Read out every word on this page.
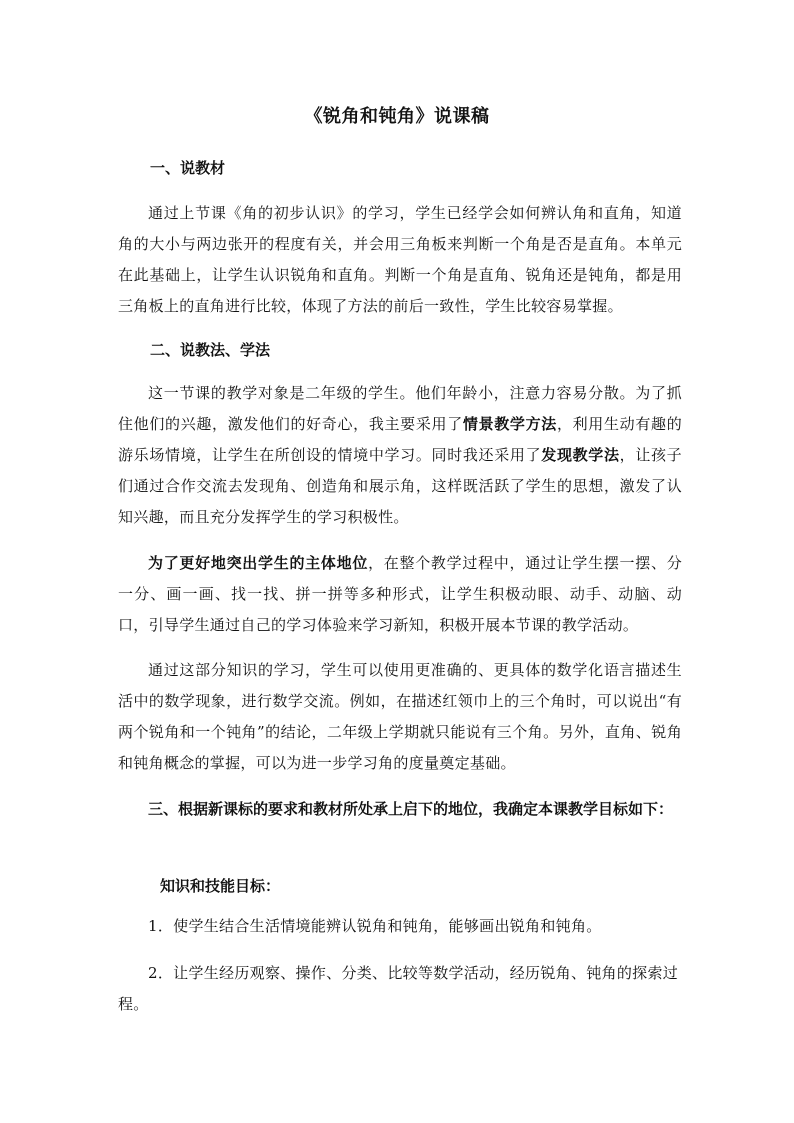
《锐角和钝角》说课稿
一、说教材
通过上节课《角的初步认识》的学习，学生已经学会如何辨认角和直角，知道角的大小与两边张开的程度有关，并会用三角板来判断一个角是否是直角。本单元在此基础上，让学生认识锐角和直角。判断一个角是直角、锐角还是钝角，都是用三角板上的直角进行比较，体现了方法的前后一致性，学生比较容易掌握。
二、说教法、学法
这一节课的教学对象是二年级的学生。他们年龄小，注意力容易分散。为了抓住他们的兴趣，激发他们的好奇心，我主要采用了情景教学方法，利用生动有趣的游乐场情境，让学生在所创设的情境中学习。同时我还采用了发现教学法，让孩子们通过合作交流去发现角、创造角和展示角，这样既活跃了学生的思想，激发了认知兴趣，而且充分发挥学生的学习积极性。
为了更好地突出学生的主体地位，在整个教学过程中，通过让学生摆一摆、分一分、画一画、找一找、拼一拼等多种形式，让学生积极动眼、动手、动脑、动口，引导学生通过自己的学习体验来学习新知，积极开展本节课的教学活动。
通过这部分知识的学习，学生可以使用更准确的、更具体的数学化语言描述生活中的数学现象，进行数学交流。例如，在描述红领巾上的三个角时，可以说出“有两个锐角和一个钝角”的结论，二年级上学期就只能说有三个角。另外，直角、锐角和钝角概念的掌握，可以为进一步学习角的度量奠定基础。
三、根据新课标的要求和教材所处承上启下的地位，我确定本课教学目标如下：
知识和技能目标：
1．使学生结合生活情境能辨认锐角和钝角，能够画出锐角和钝角。
2．让学生经历观察、操作、分类、比较等数学活动，经历锐角、钝角的探索过程。
